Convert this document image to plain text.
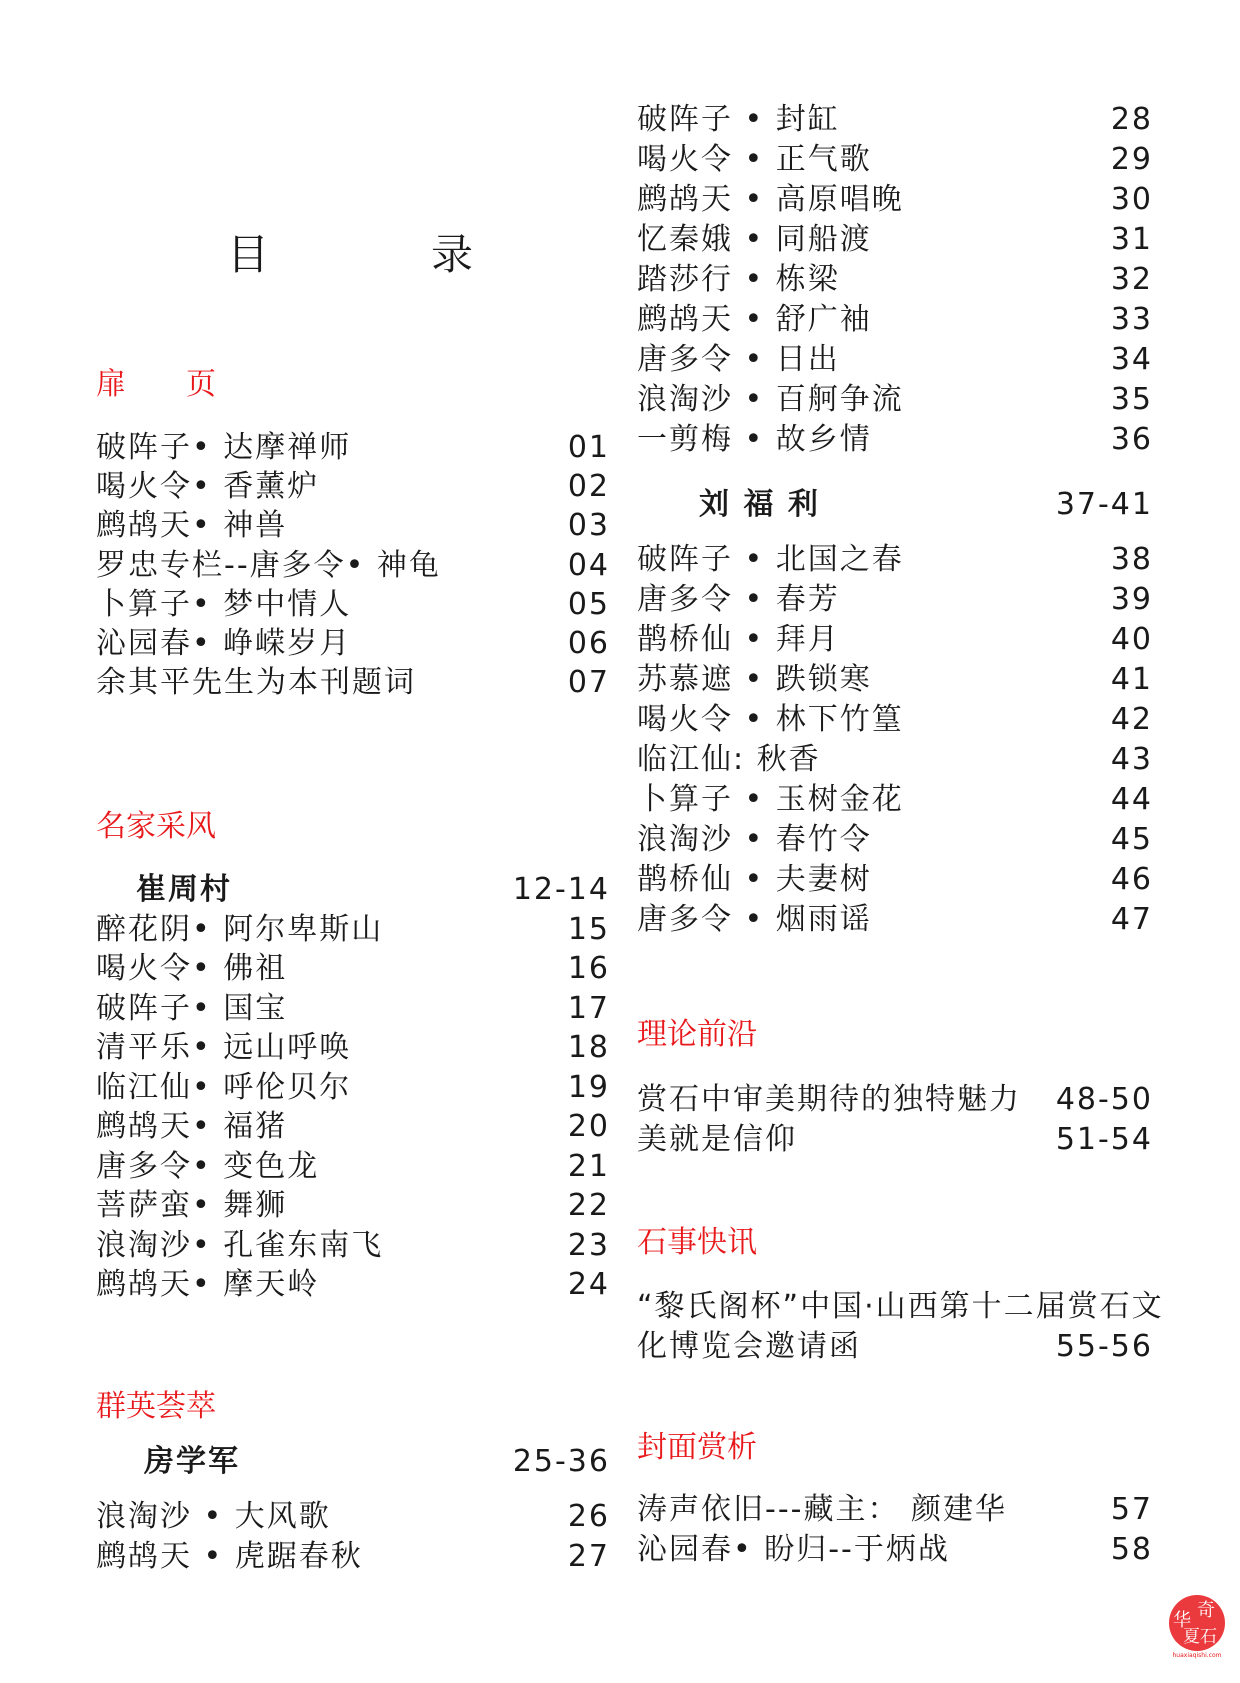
目　录
扉　　页
破阵子• 达摩禅师	01
喝火令• 香薰炉	02
鹧鸪天• 神兽	03
罗忠专栏--唐多令• 神龟	04
卜算子• 梦中情人	05
沁园春• 峥嵘岁月	06
余其平先生为本刊题词	07
名家采风
崔周村	12-14
醉花阴• 阿尔卑斯山	15
喝火令• 佛祖	16
破阵子• 国宝	17
清平乐• 远山呼唤	18
临江仙• 呼伦贝尔	19
鹧鸪天• 福猪	20
唐多令• 变色龙	21
菩萨蛮• 舞狮	22
浪淘沙• 孔雀东南飞	23
鹧鸪天• 摩天岭	24
群英荟萃
房学军	25-36
浪淘沙 • 大风歌	26
鹧鸪天 • 虎踞春秋	27
破阵子 • 封缸	28
喝火令 • 正气歌	29
鹧鸪天 • 高原唱晚	30
忆秦娥 • 同船渡	31
踏莎行 • 栋梁	32
鹧鸪天 • 舒广袖	33
唐多令 • 日出	34
浪淘沙 • 百舸争流	35
一剪梅 • 故乡情	36
刘 福 利	37-41
破阵子 • 北国之春	38
唐多令 • 春芳	39
鹊桥仙 • 拜月	40
苏慕遮 • 跌锁寒	41
喝火令 • 林下竹篁	42
临江仙: 秋香	43
卜算子 • 玉树金花	44
浪淘沙 • 春竹令	45
鹊桥仙 • 夫妻树	46
唐多令 • 烟雨谣	47
理论前沿
赏石中审美期待的独特魅力 48-50
美就是信仰	51-54
石事快讯
“黎氏阁杯”中国·山西第十二届赏石文
化博览会邀请函	55-56
封面赏析
涛声依旧---藏主： 颜建华	57
沁园春• 盼归--于炳战	58
奇
华
夏石
huaxiaqishi.com
